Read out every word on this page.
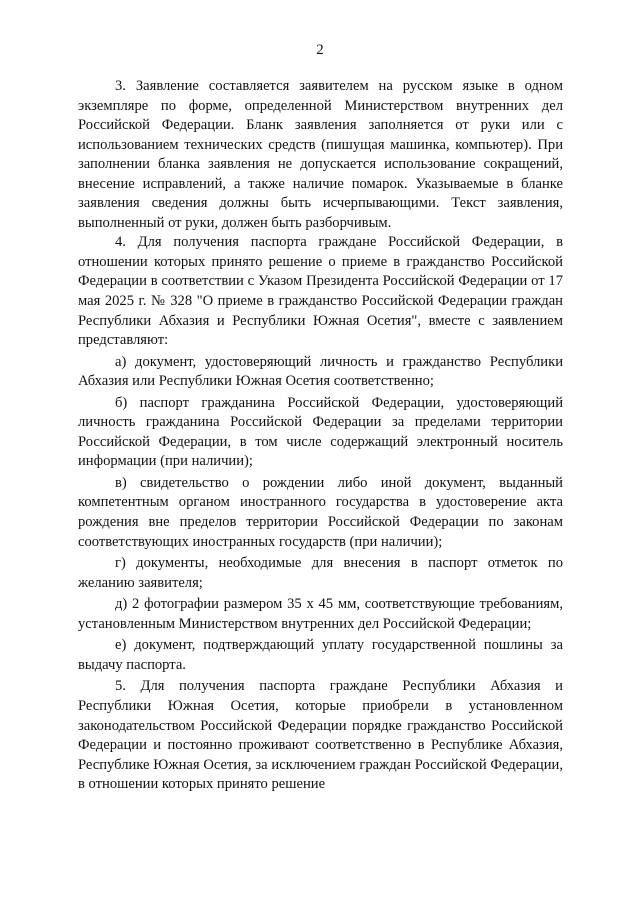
2

3. Заявление составляется заявителем на русском языке в одном экземпляре по форме, определенной Министерством внутренних дел Российской Федерации. Бланк заявления заполняется от руки или с использованием технических средств (пишущая машинка, компьютер). При заполнении бланка заявления не допускается использование сокращений, внесение исправлений, а также наличие помарок. Указываемые в бланке заявления сведения должны быть исчерпывающими. Текст заявления, выполненный от руки, должен быть разборчивым.

4. Для получения паспорта граждане Российской Федерации, в отношении которых принято решение о приеме в гражданство Российской Федерации в соответствии с Указом Президента Российской Федерации от 17 мая 2025 г. № 328 "О приеме в гражданство Российской Федерации граждан Республики Абхазия и Республики Южная Осетия", вместе с заявлением представляют:

а) документ, удостоверяющий личность и гражданство Республики Абхазия или Республики Южная Осетия соответственно;

б) паспорт гражданина Российской Федерации, удостоверяющий личность гражданина Российской Федерации за пределами территории Российской Федерации, в том числе содержащий электронный носитель информации (при наличии);

в) свидетельство о рождении либо иной документ, выданный компетентным органом иностранного государства в удостоверение акта рождения вне пределов территории Российской Федерации по законам соответствующих иностранных государств (при наличии);

г) документы, необходимые для внесения в паспорт отметок по желанию заявителя;

д) 2 фотографии размером 35 х 45 мм, соответствующие требованиям, установленным Министерством внутренних дел Российской Федерации;

е) документ, подтверждающий уплату государственной пошлины за выдачу паспорта.

5. Для получения паспорта граждане Республики Абхазия и Республики Южная Осетия, которые приобрели в установленном законодательством Российской Федерации порядке гражданство Российской Федерации и постоянно проживают соответственно в Республике Абхазия, Республике Южная Осетия, за исключением граждан Российской Федерации, в отношении которых принято решение
